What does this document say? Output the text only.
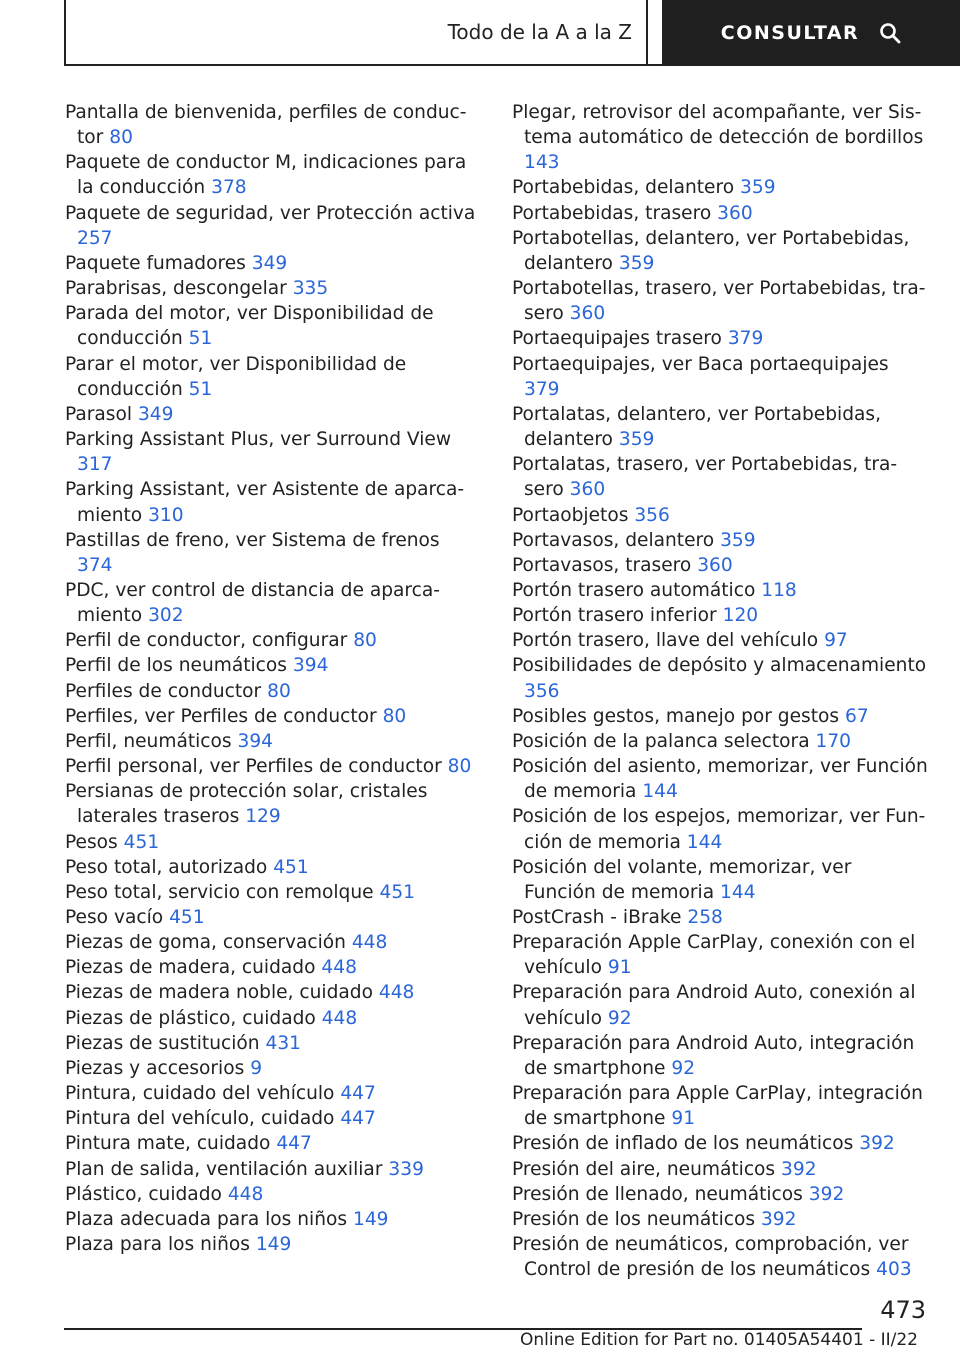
Todo de la A a la Z	CONSULTAR
Pantalla de bienvenida, perfiles de conductor 80
Paquete de conductor M, indicaciones para la conducción 378
Paquete de seguridad, ver Protección activa 257
Paquete fumadores 349
Parabrisas, descongelar 335
Parada del motor, ver Disponibilidad de conducción 51
Parar el motor, ver Disponibilidad de conducción 51
Parasol 349
Parking Assistant Plus, ver Surround View 317
Parking Assistant, ver Asistente de aparcamiento 310
Pastillas de freno, ver Sistema de frenos 374
PDC, ver control de distancia de aparcamiento 302
Perfil de conductor, configurar 80
Perfil de los neumáticos 394
Perfiles de conductor 80
Perfiles, ver Perfiles de conductor 80
Perfil, neumáticos 394
Perfil personal, ver Perfiles de conductor 80
Persianas de protección solar, cristales laterales traseros 129
Pesos 451
Peso total, autorizado 451
Peso total, servicio con remolque 451
Peso vacío 451
Piezas de goma, conservación 448
Piezas de madera, cuidado 448
Piezas de madera noble, cuidado 448
Piezas de plástico, cuidado 448
Piezas de sustitución 431
Piezas y accesorios 9
Pintura, cuidado del vehículo 447
Pintura del vehículo, cuidado 447
Pintura mate, cuidado 447
Plan de salida, ventilación auxiliar 339
Plástico, cuidado 448
Plaza adecuada para los niños 149
Plaza para los niños 149
Plegar, retrovisor del acompañante, ver Sistema automático de detección de bordillos 143
Portabebidas, delantero 359
Portabebidas, trasero 360
Portabotellas, delantero, ver Portabebidas, delantero 359
Portabotellas, trasero, ver Portabebidas, trasero 360
Portaequipajes trasero 379
Portaequipajes, ver Baca portaequipajes 379
Portalatas, delantero, ver Portabebidas, delantero 359
Portalatas, trasero, ver Portabebidas, trasero 360
Portaobjetos 356
Portavasos, delantero 359
Portavasos, trasero 360
Portón trasero automático 118
Portón trasero inferior 120
Portón trasero, llave del vehículo 97
Posibilidades de depósito y almacenamiento 356
Posibles gestos, manejo por gestos 67
Posición de la palanca selectora 170
Posición del asiento, memorizar, ver Función de memoria 144
Posición de los espejos, memorizar, ver Función de memoria 144
Posición del volante, memorizar, ver Función de memoria 144
PostCrash - iBrake 258
Preparación Apple CarPlay, conexión con el vehículo 91
Preparación para Android Auto, conexión al vehículo 92
Preparación para Android Auto, integración de smartphone 92
Preparación para Apple CarPlay, integración de smartphone 91
Presión de inflado de los neumáticos 392
Presión del aire, neumáticos 392
Presión de llenado, neumáticos 392
Presión de los neumáticos 392
Presión de neumáticos, comprobación, ver Control de presión de los neumáticos 403
473
Online Edition for Part no. 01405A54401 - II/22
